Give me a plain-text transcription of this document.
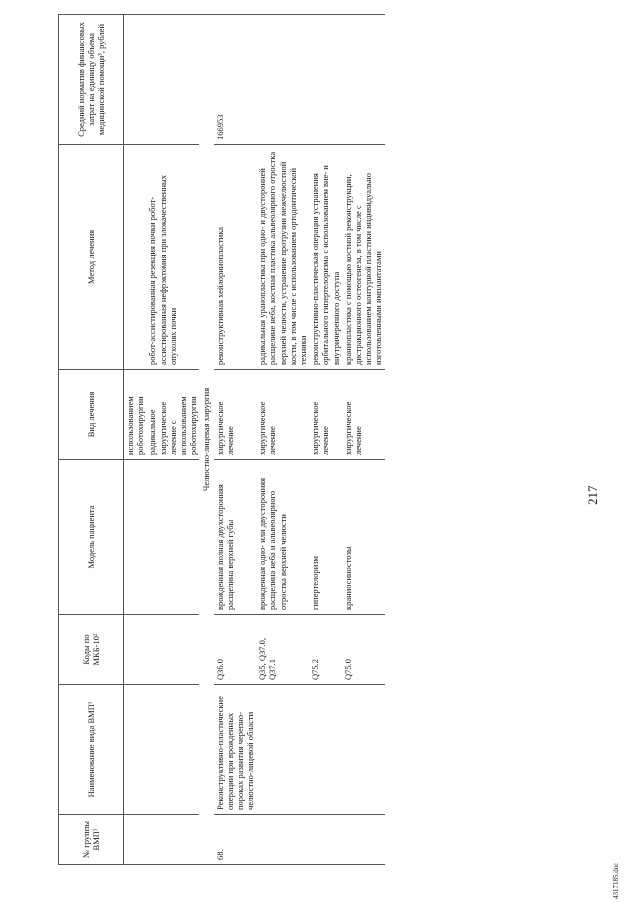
217
№ группы ВМП¹	Наименование вида ВМП¹	Коды по МКБ-10²	Модель пациента	Вид лечения	Метод лечения	Средний норматив финансовых затрат на единицу объема медицинской помощи³, рублей
				использованием роботохирургии		
				радикальное хирургическое лечение с использованием роботохирургии	робот-ассистированная резекция почки робот-ассистированная нефрэктомия при злокачественных опухолях почки	
Челюстно-лицевая хирургия						
68.	Реконструктивно-пластические операции при врожденных пороках развития черепно-челюстно-лицевой области	Q36.0	врожденная полная двухсторонняя расщелина верхней губы	хирургическое лечение	реконструктивная хейлоринопластика	166953
		Q35, Q37.0, Q37.1	врожденная одно- или двусторонняя расщелина неба и альвеолярного отростка верхней челюсти	хирургическое лечение	радикальная уранопластика при одно- и двусторонней расщелине неба, костная пластика альвеолярного отростка верхней челюсти, устранение протрузии межчелюстной кости, в том числе с использованием ортодонтической техники	
		Q75.2	гипертелоризм	хирургическое лечение	реконструктивно-пластическая операция устранения орбитального гипертелоризма с использованием вне- и внутричерепного доступа	
		Q75.0	краниосиностозы	хирургическое лечение	краниопластика с помощью костной реконструкции, дистракционного остеогенеза, в том числе с использованием контурной пластики индивидуально изготовленными имплантатами	
4317185.doc
